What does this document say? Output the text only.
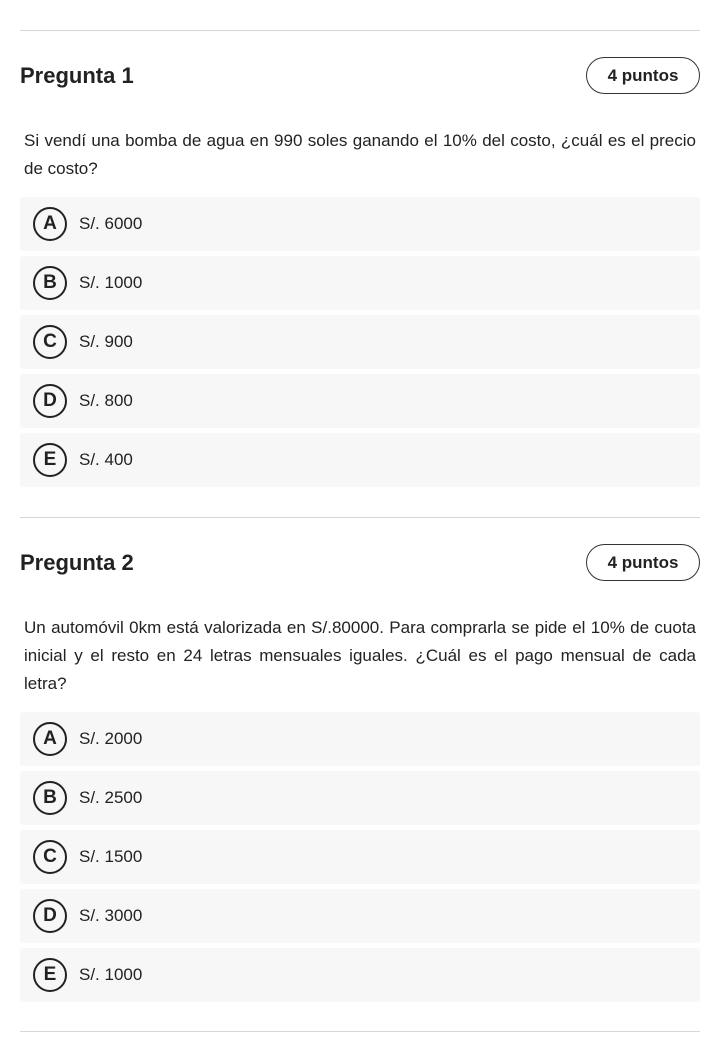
Pregunta 1	4 puntos
Si vendí una bomba de agua en 990 soles ganando el 10% del costo, ¿cuál es el precio de costo?
A	S/. 6000
B	S/. 1000
C	S/. 900
D	S/. 800
E	S/. 400
Pregunta 2	4 puntos
Un automóvil 0km está valorizada en S/.80000. Para comprarla se pide el 10% de cuota inicial y el resto en 24 letras mensuales iguales. ¿Cuál es el pago mensual de cada letra?
A	S/. 2000
B	S/. 2500
C	S/. 1500
D	S/. 3000
E	S/. 1000
